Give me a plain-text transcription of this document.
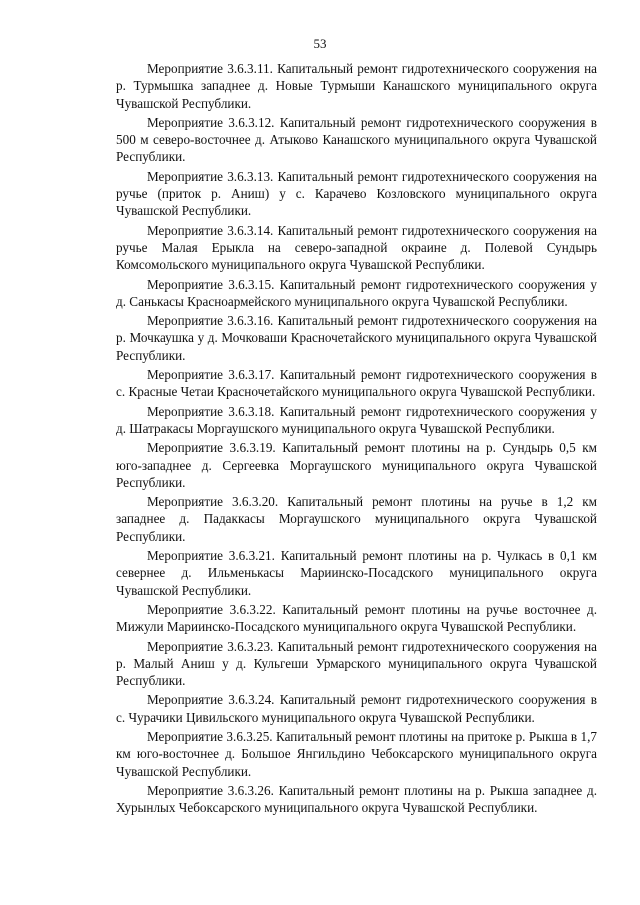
53

Мероприятие 3.6.3.11. Капитальный ремонт гидротехнического сооружения на р. Турмышка западнее д. Новые Турмыши Канашского муниципального округа Чувашской Республики.

Мероприятие 3.6.3.12. Капитальный ремонт гидротехнического сооружения в 500 м северо-восточнее д. Атыково Канашского муниципального округа Чувашской Республики.

Мероприятие 3.6.3.13. Капитальный ремонт гидротехнического сооружения на ручье (приток р. Аниш) у с. Карачево Козловского муниципального округа Чувашской Республики.

Мероприятие 3.6.3.14. Капитальный ремонт гидротехнического сооружения на ручье Малая Ерыкла на северо-западной окраине д. Полевой Сундырь Комсомольского муниципального округа Чувашской Республики.

Мероприятие 3.6.3.15. Капитальный ремонт гидротехнического сооружения у д. Санькасы Красноармейского муниципального округа Чувашской Республики.

Мероприятие 3.6.3.16. Капитальный ремонт гидротехнического сооружения на р. Мочкаушка у д. Мочковаши Красночетайского муниципального округа Чувашской Республики.

Мероприятие 3.6.3.17. Капитальный ремонт гидротехнического сооружения в с. Красные Четаи Красночетайского муниципального округа Чувашской Республики.

Мероприятие 3.6.3.18. Капитальный ремонт гидротехнического сооружения у д. Шатракасы Моргаушского муниципального округа Чувашской Республики.

Мероприятие 3.6.3.19. Капитальный ремонт плотины на р. Сундырь 0,5 км юго-западнее д. Сергеевка Моргаушского муниципального округа Чувашской Республики.

Мероприятие 3.6.3.20. Капитальный ремонт плотины на ручье в 1,2 км западнее д. Падаккасы Моргаушского муниципального округа Чувашской Республики.

Мероприятие 3.6.3.21. Капитальный ремонт плотины на р. Чулкась в 0,1 км севернее д. Ильменькасы Мариинско-Посадского муниципального округа Чувашской Республики.

Мероприятие 3.6.3.22. Капитальный ремонт плотины на ручье восточнее д. Мижули Мариинско-Посадского муниципального округа Чувашской Республики.

Мероприятие 3.6.3.23. Капитальный ремонт гидротехнического сооружения на р. Малый Аниш у д. Кульгеши Урмарского муниципального округа Чувашской Республики.

Мероприятие 3.6.3.24. Капитальный ремонт гидротехнического сооружения в с. Чурачики Цивильского муниципального округа Чувашской Республики.

Мероприятие 3.6.3.25. Капитальный ремонт плотины на притоке р. Рыкша в 1,7 км юго-восточнее д. Большое Янгильдино Чебоксарского муниципального округа Чувашской Республики.

Мероприятие 3.6.3.26. Капитальный ремонт плотины на р. Рыкша западнее д. Хурынлых Чебоксарского муниципального округа Чувашской Республики.
